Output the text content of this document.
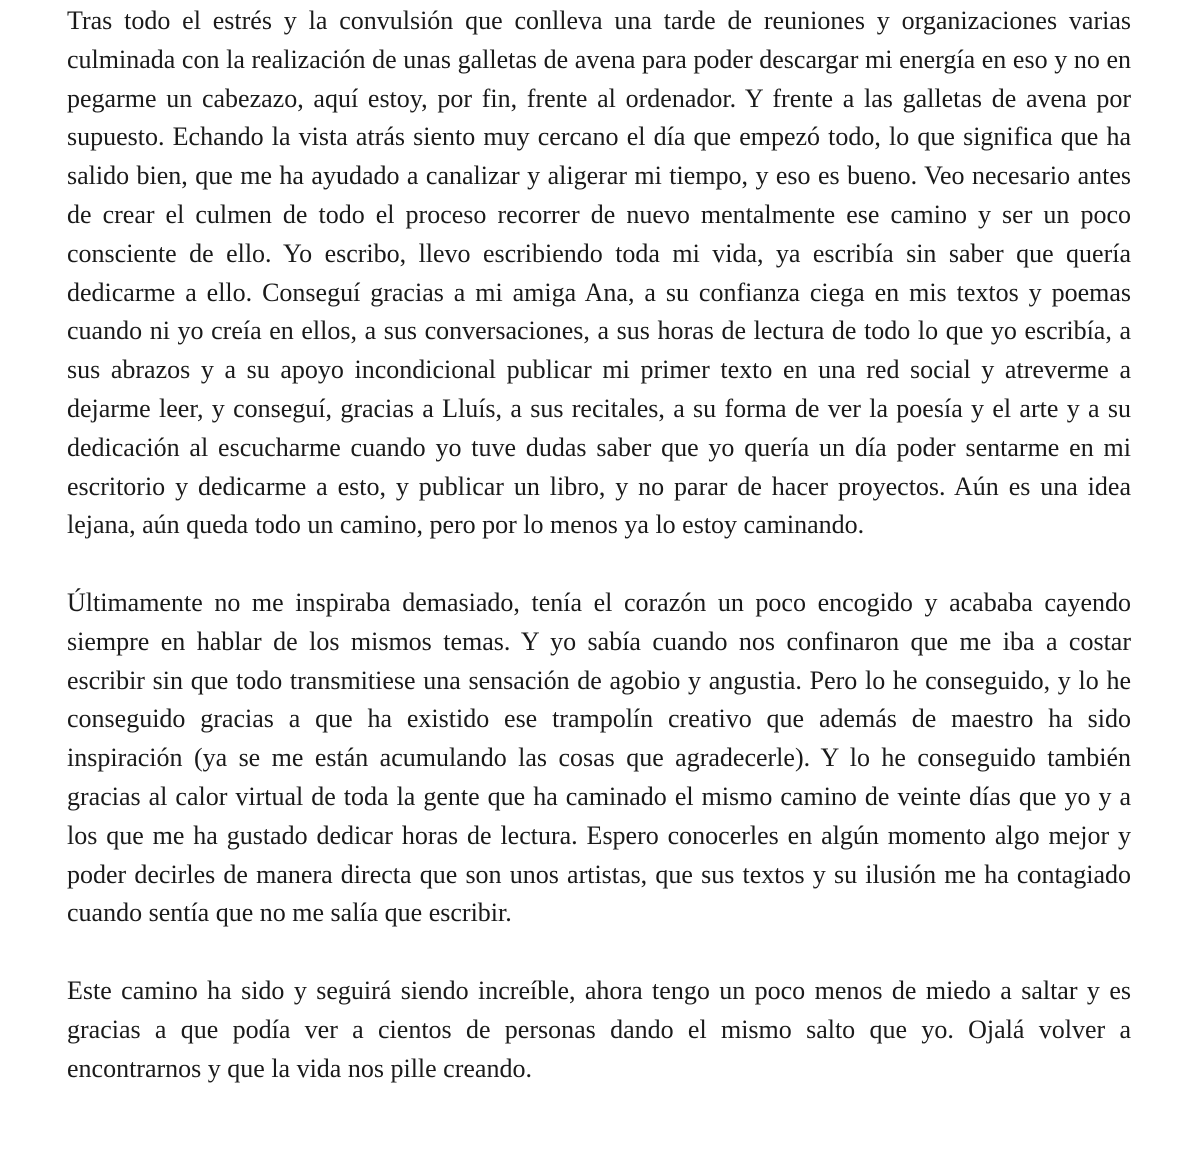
Tras todo el estrés y la convulsión que conlleva una tarde de reuniones y organizaciones varias culminada con la realización de unas galletas de avena para poder descargar mi energía en eso y no en pegarme un cabezazo, aquí estoy, por fin, frente al ordenador. Y frente a las galletas de avena por supuesto. Echando la vista atrás siento muy cercano el día que empezó todo, lo que significa que ha salido bien, que me ha ayudado a canalizar y aligerar mi tiempo, y eso es bueno. Veo necesario antes de crear el culmen de todo el proceso recorrer de nuevo mentalmente ese camino y ser un poco consciente de ello. Yo escribo, llevo escribiendo toda mi vida, ya escribía sin saber que quería dedicarme a ello. Conseguí gracias a mi amiga Ana, a su confianza ciega en mis textos y poemas cuando ni yo creía en ellos, a sus conversaciones, a sus horas de lectura de todo lo que yo escribía, a sus abrazos y a su apoyo incondicional publicar mi primer texto en una red social y atreverme a dejarme leer, y conseguí, gracias a Lluís, a sus recitales, a su forma de ver la poesía y el arte y a su dedicación al escucharme cuando yo tuve dudas saber que yo quería un día poder sentarme en mi escritorio y dedicarme a esto, y publicar un libro, y no parar de hacer proyectos. Aún es una idea lejana, aún queda todo un camino, pero por lo menos ya lo estoy caminando.

Últimamente no me inspiraba demasiado, tenía el corazón un poco encogido y acababa cayendo siempre en hablar de los mismos temas. Y yo sabía cuando nos confinaron que me iba a costar escribir sin que todo transmitiese una sensación de agobio y angustia. Pero lo he conseguido, y lo he conseguido gracias a que ha existido ese trampolín creativo que además de maestro ha sido inspiración (ya se me están acumulando las cosas que agradecerle). Y lo he conseguido también gracias al calor virtual de toda la gente que ha caminado el mismo camino de veinte días que yo y a los que me ha gustado dedicar horas de lectura. Espero conocerles en algún momento algo mejor y poder decirles de manera directa que son unos artistas, que sus textos y su ilusión me ha contagiado cuando sentía que no me salía que escribir.

Este camino ha sido y seguirá siendo increíble, ahora tengo un poco menos de miedo a saltar y es gracias a que podía ver a cientos de personas dando el mismo salto que yo. Ojalá volver a encontrarnos y que la vida nos pille creando.
